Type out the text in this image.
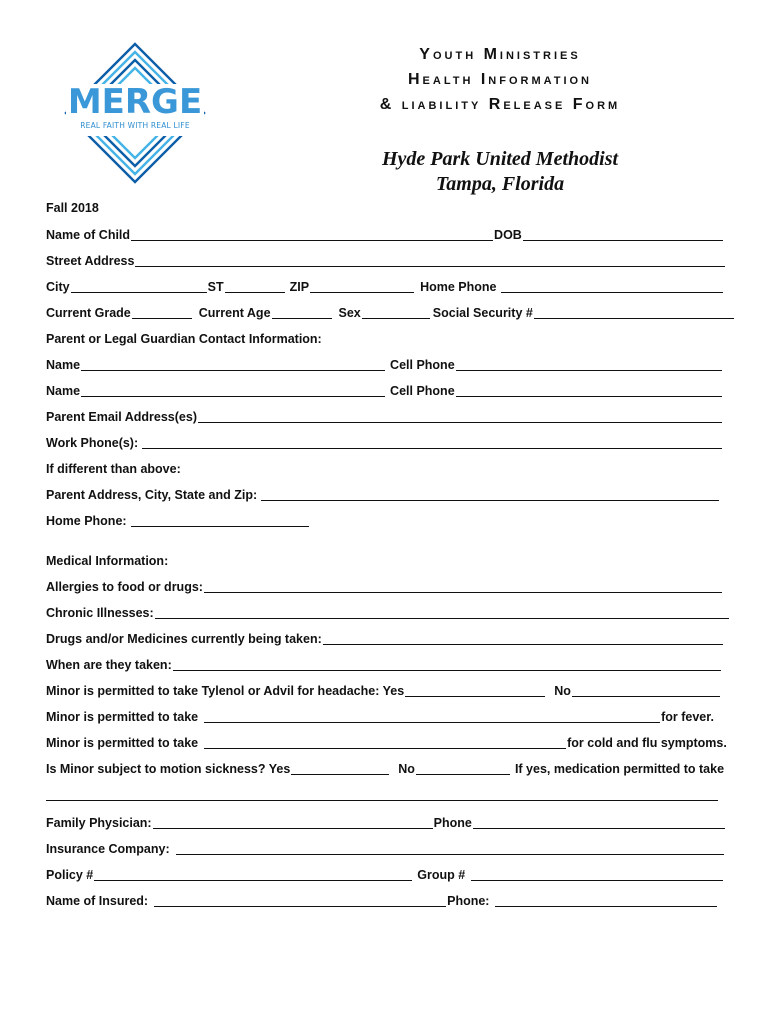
MERGE
REAL FAITH WITH REAL LIFE
Youth Ministries
Health Information
& liability Release Form
Hyde Park United Methodist
Tampa, Florida
Fall 2018
Name of Child	DOB
Street Address
City	ST	ZIP	Home Phone
Current Grade	Current Age	Sex	Social Security #
Parent or Legal Guardian Contact Information:
Name	Cell Phone
Name	Cell Phone
Parent Email Address(es)
Work Phone(s):
If different than above:
Parent Address, City, State and Zip:
Home Phone:
Medical Information:
Allergies to food or drugs:
Chronic Illnesses:
Drugs and/or Medicines currently being taken:
When are they taken:
Minor is permitted to take Tylenol or Advil for headache: Yes	No
Minor is permitted to take	for fever.
Minor is permitted to take	for cold and flu symptoms.
Is Minor subject to motion sickness? Yes	No	If yes, medication permitted to take
Family Physician:	Phone
Insurance Company:
Policy #	Group #
Name of Insured:	Phone:
